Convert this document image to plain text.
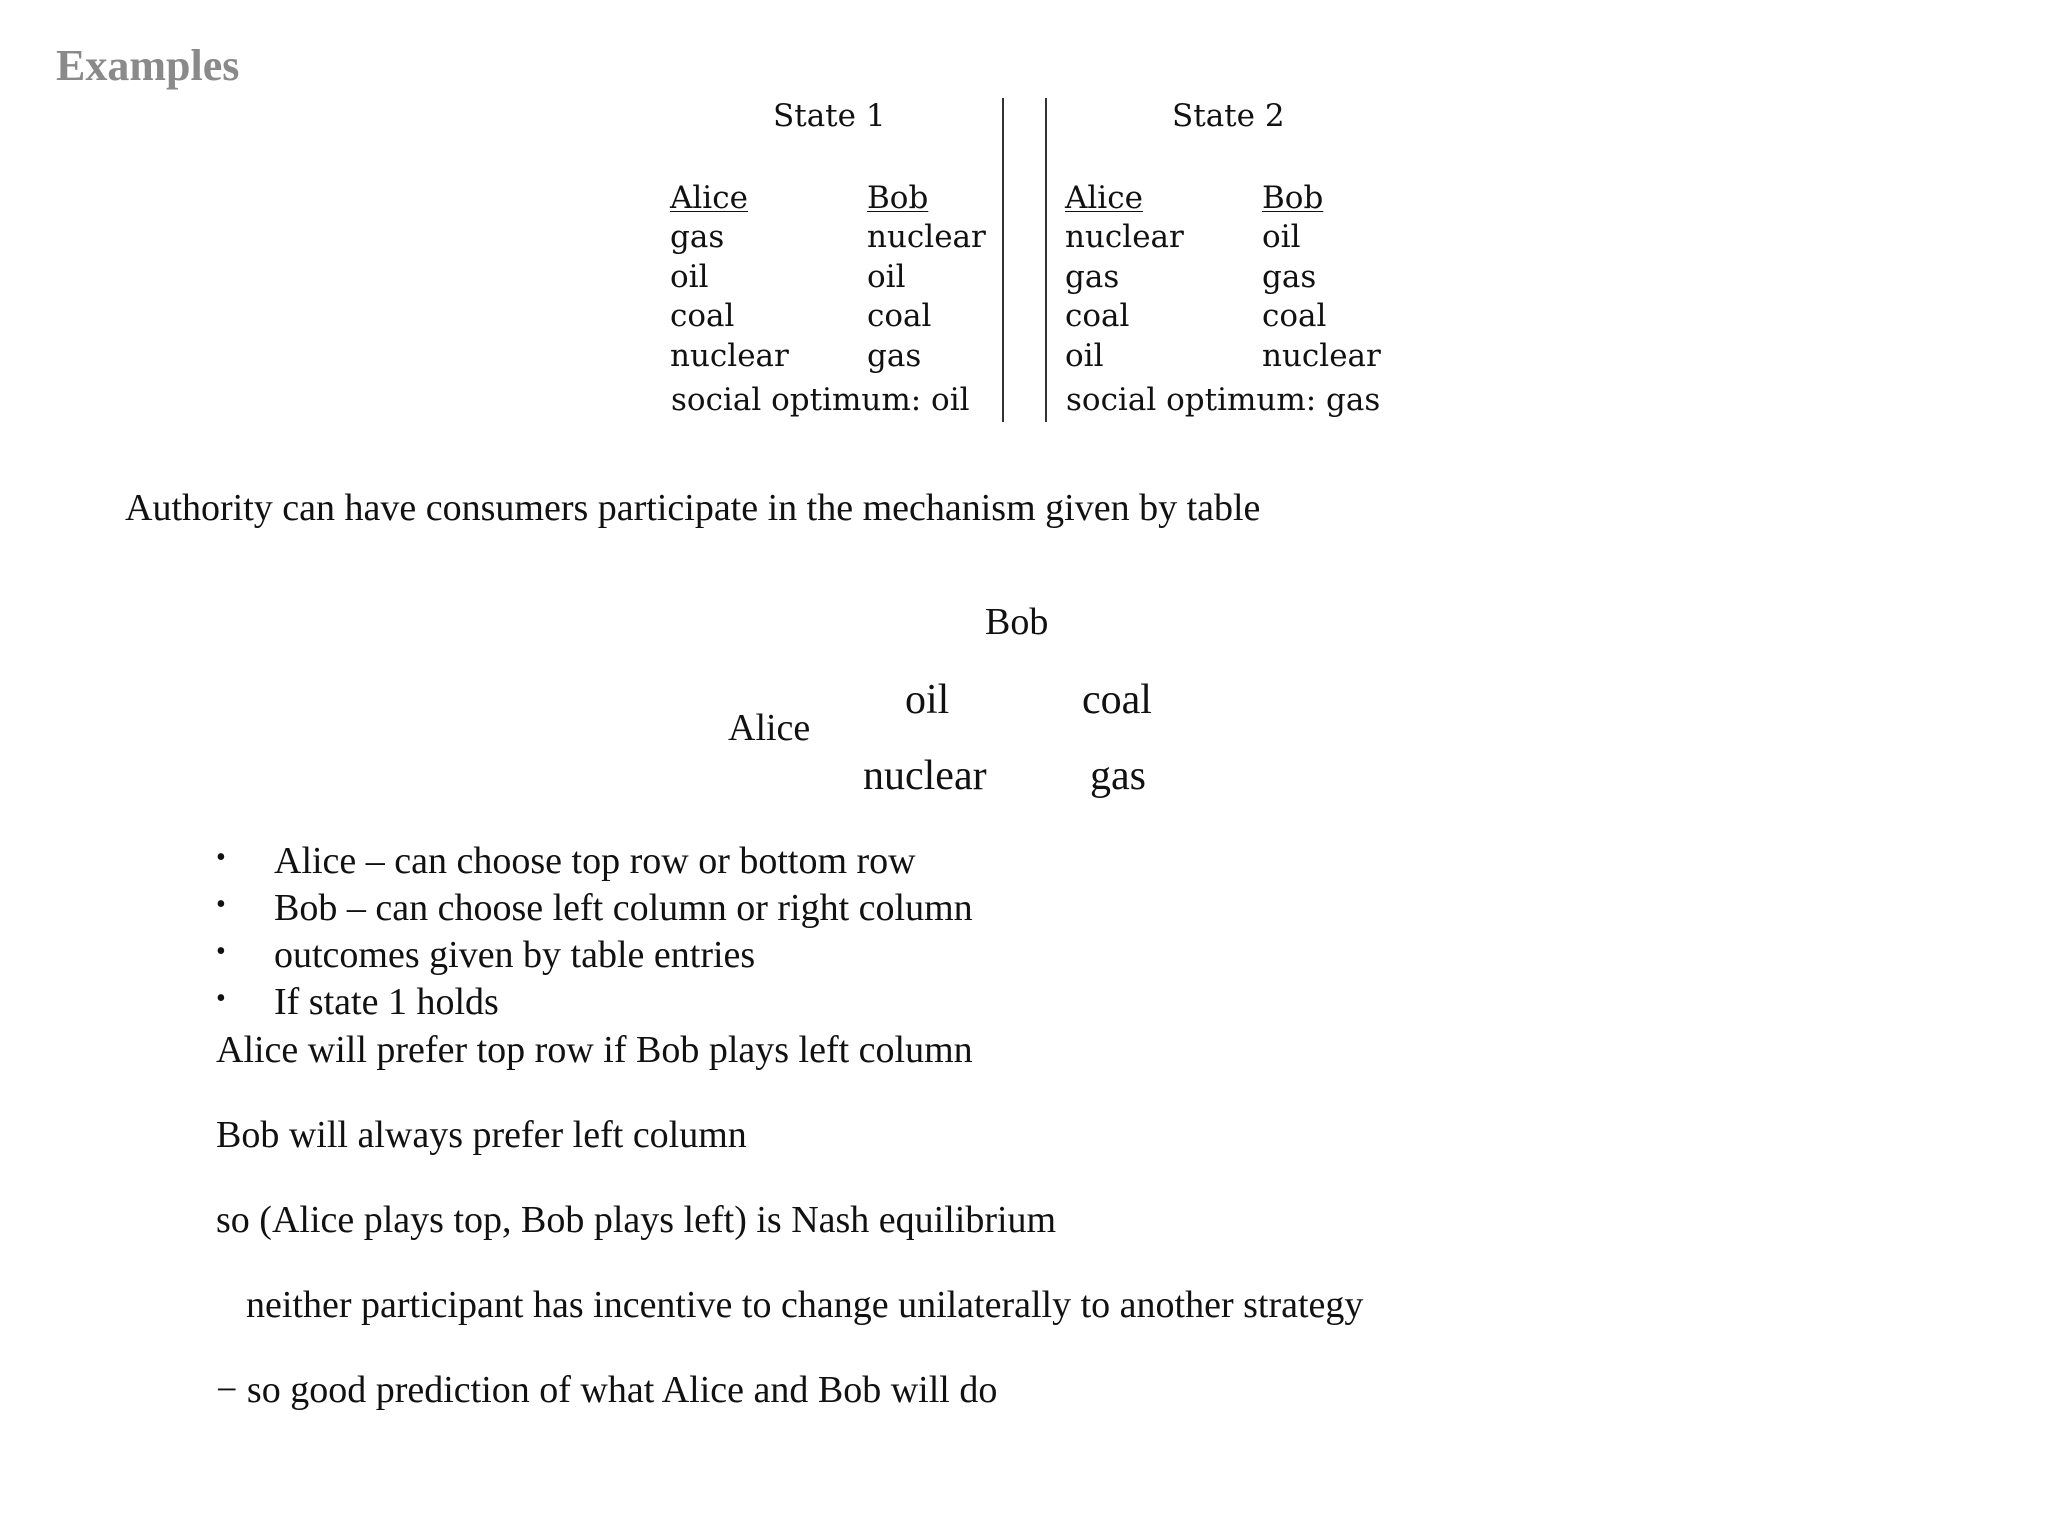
Examples
State 1
Alice
gas
oil
coal
nuclear
Bob
nuclear
oil
coal
gas
social optimum: oil
State 2
Alice
nuclear
gas
coal
oil
Bob
oil
gas
coal
nuclear
social optimum: gas
Authority can have consumers participate in the mechanism given by table
Bob
Alice
oil	coal
nuclear gas
• Alice – can choose top row or bottom row
• Bob – can choose left column or right column
• outcomes given by table entries
• If state 1 holds
Alice will prefer top row if Bob plays left column
Bob will always prefer left column
so (Alice plays top, Bob plays left) is Nash equilibrium
neither participant has incentive to change unilaterally to another strategy
− so good prediction of what Alice and Bob will do
